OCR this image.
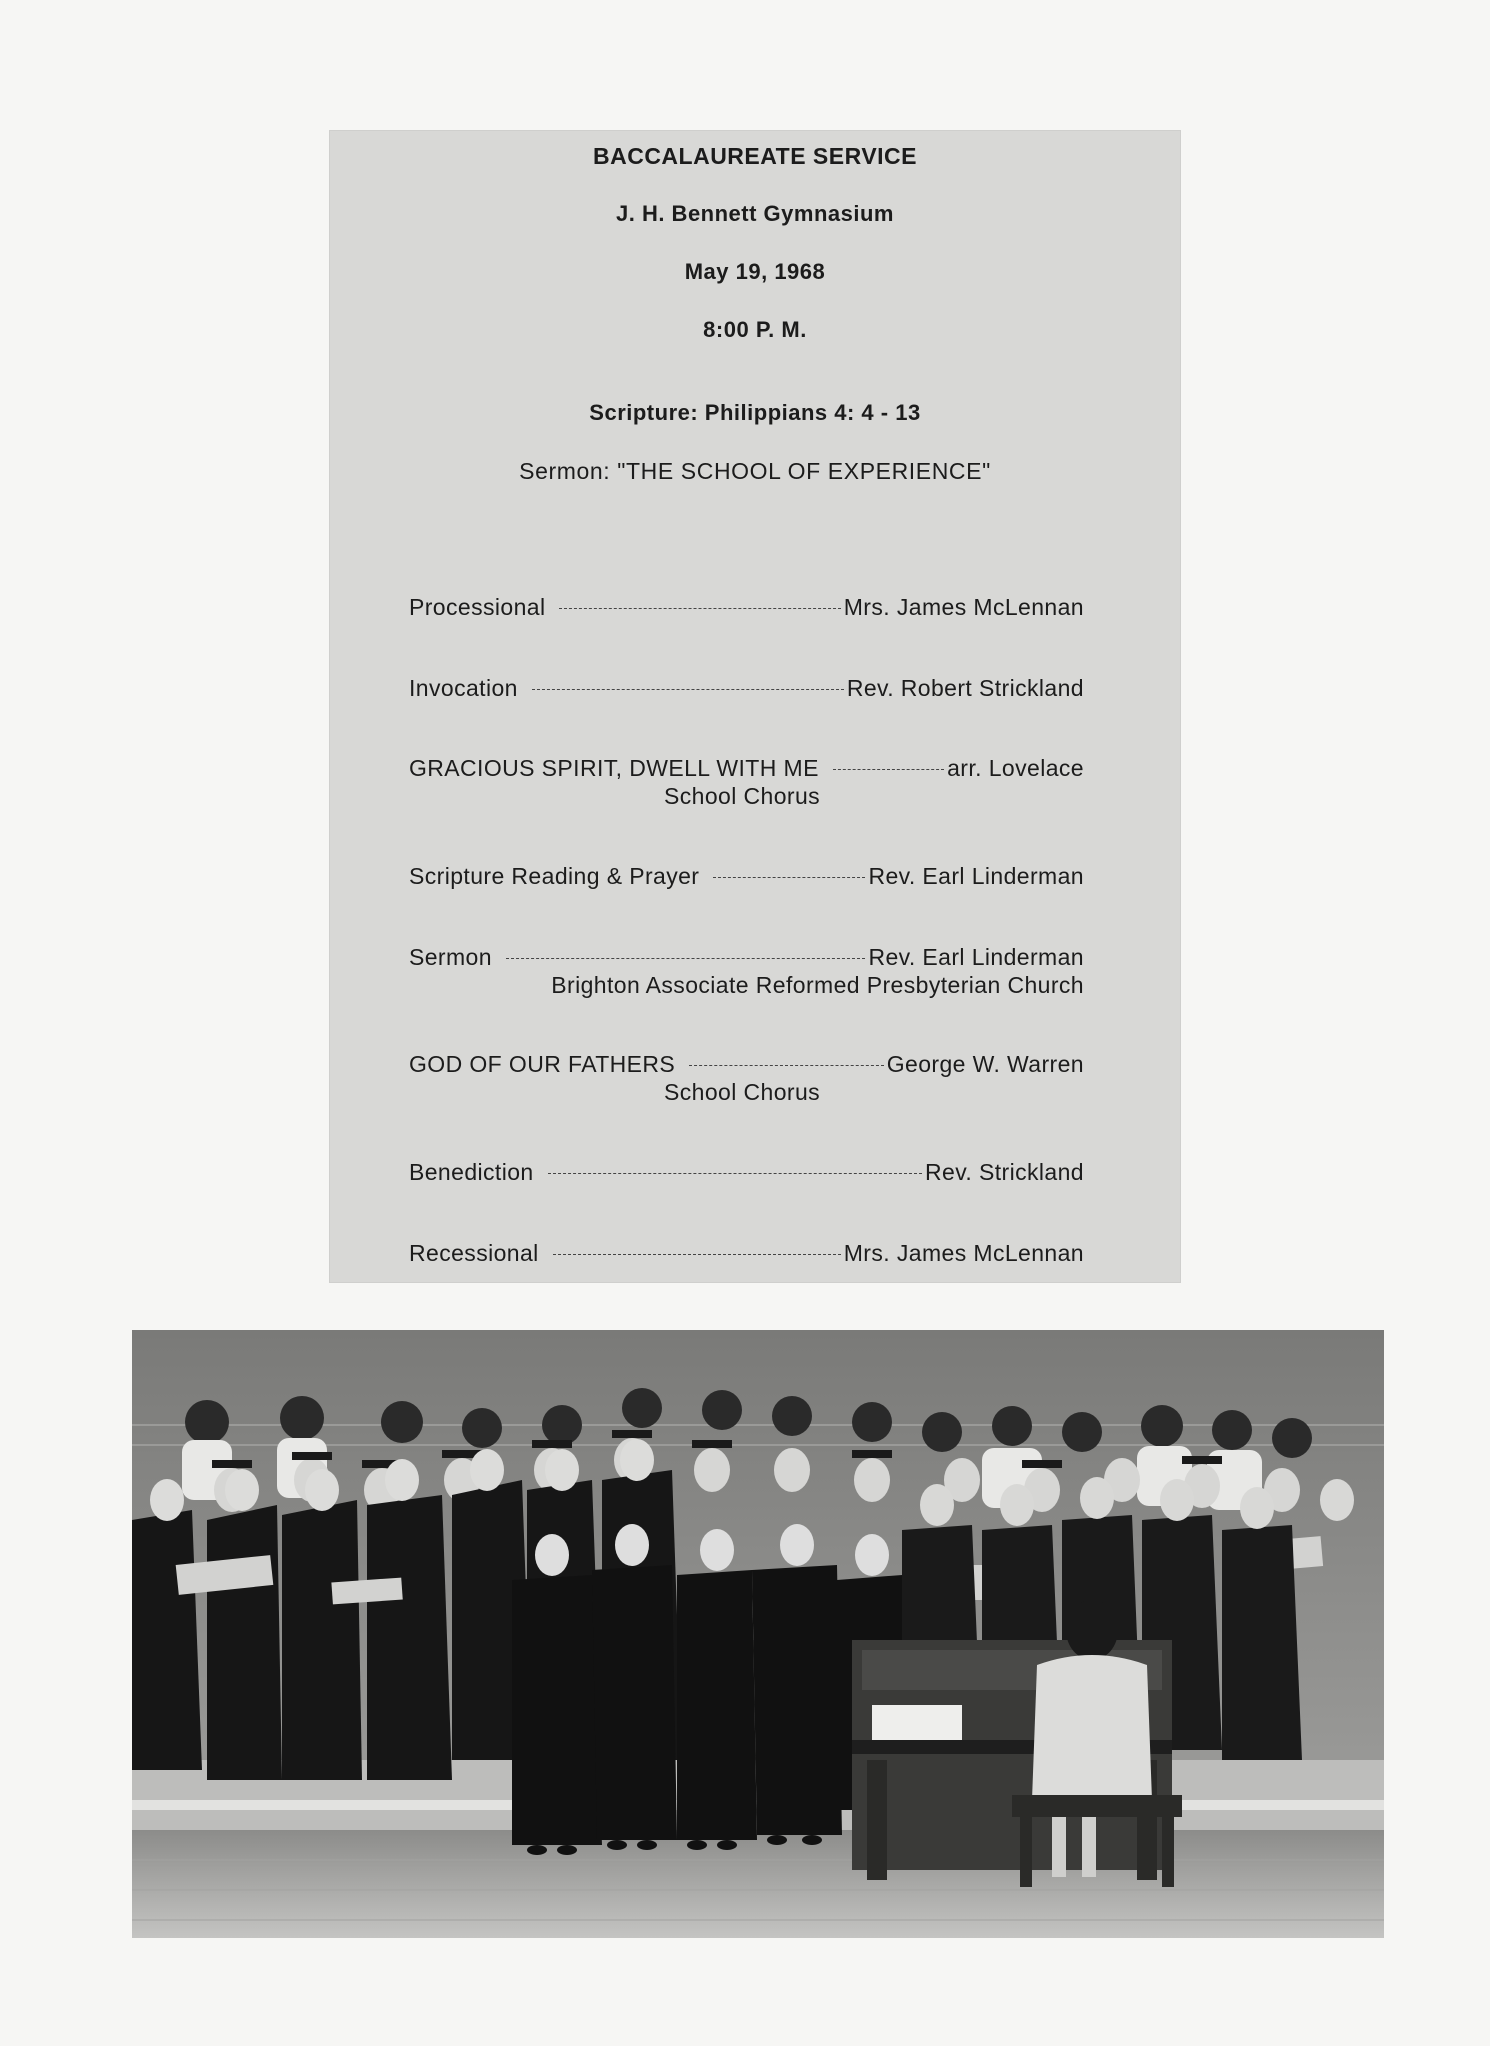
BACCALAUREATE SERVICE
J. H. Bennett Gymnasium
May 19, 1968
8:00 P. M.
Scripture: Philippians 4: 4 - 13
Sermon: "THE SCHOOL OF EXPERIENCE"
Processional	Mrs. James McLennan
Invocation	Rev. Robert Strickland
GRACIOUS SPIRIT, DWELL WITH ME	arr. Lovelace
School Chorus
Scripture Reading & Prayer	Rev. Earl Linderman
Sermon	Rev. Earl Linderman
Brighton Associate Reformed Presbyterian Church
GOD OF OUR FATHERS	George W. Warren
School Chorus
Benediction	Rev. Strickland
Recessional	Mrs. James McLennan
